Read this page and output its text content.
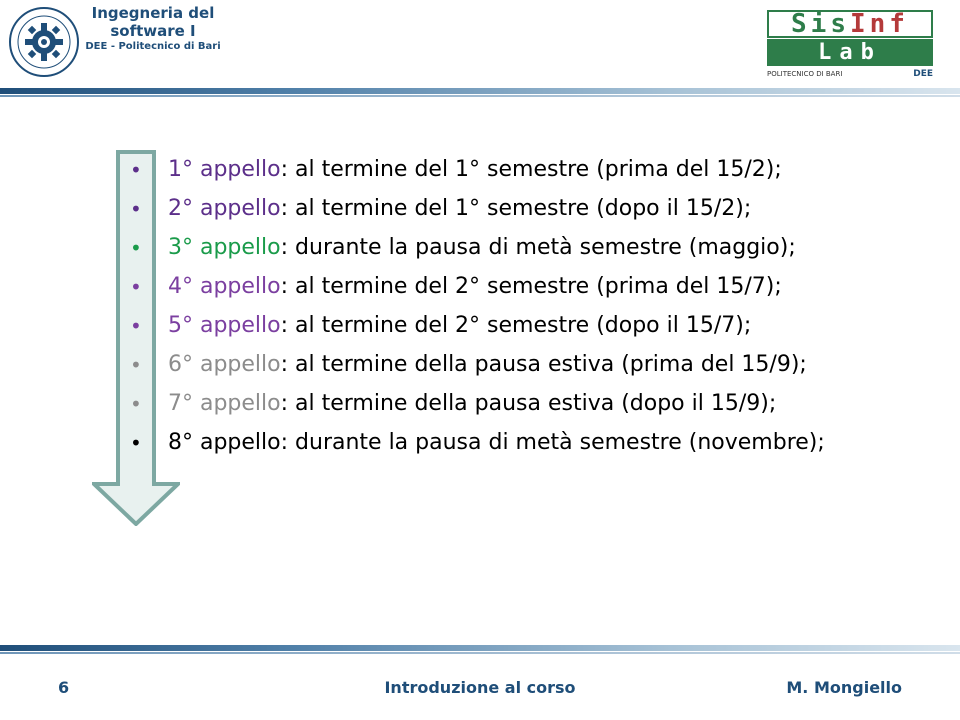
Ingegneria del
software I
DEE - Politecnico di Bari
Sis Inf
Lab
POLITECNICO DI BARI	DEE
•	1° appello : al termine del 1° semestre (prima del 15/2);
•	2° appello : al termine del 1° semestre (dopo il 15/2);
•	3° appello : durante la pausa di metà semestre (maggio);
•	4° appello : al termine del 2° semestre (prima del 15/7);
•	5° appello : al termine del 2° semestre (dopo il 15/7);
•	6° appello : al termine della pausa estiva (prima del 15/9);
•	7° appello : al termine della pausa estiva (dopo il 15/9);
•	8° appello : durante la pausa di metà semestre (novembre);
6	Introduzione al corso	M. Mongiello
